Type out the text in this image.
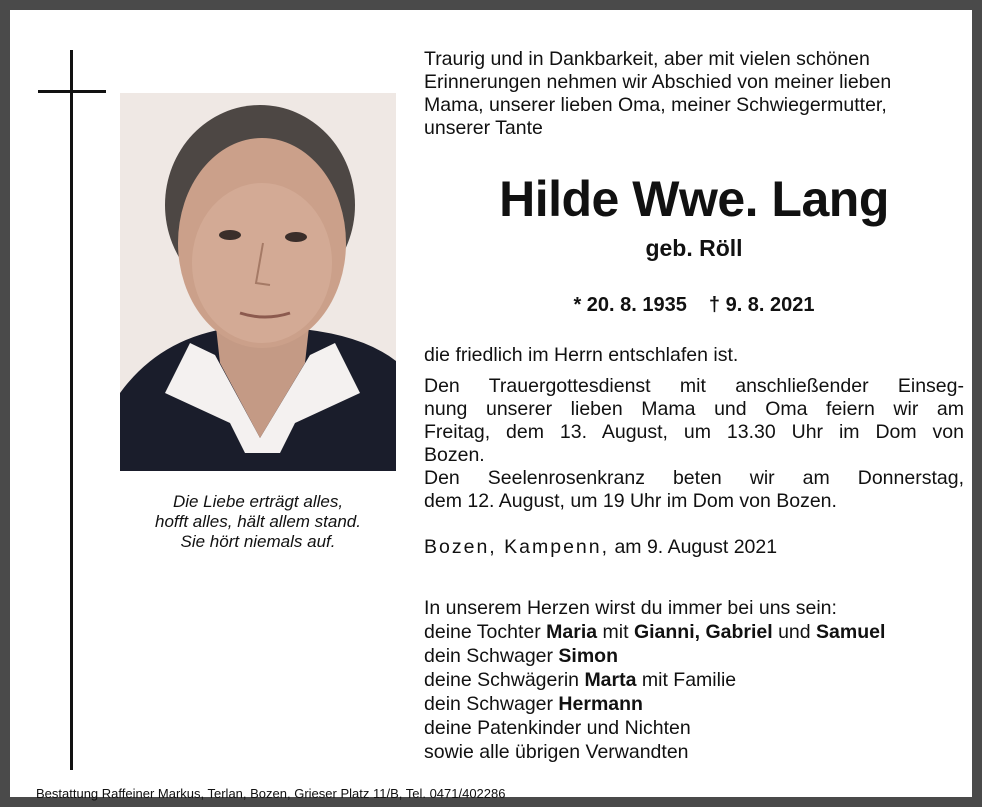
Die Liebe erträgt alles,
hofft alles, hält allem stand.
Sie hört niemals auf.
Traurig und in Dankbarkeit, aber mit vielen schönen
Erinnerungen nehmen wir Abschied von meiner lieben
Mama, unserer lieben Oma, meiner Schwiegermutter,
unserer Tante
Hilde Wwe. Lang
geb. Röll
* 20. 8. 1935 † 9. 8. 2021
die friedlich im Herrn entschlafen ist.
Den Trauergottesdienst mit anschließender Einseg-
nung unserer lieben Mama und Oma feiern wir am
Freitag, dem 13. August, um 13.30 Uhr im Dom von
Bozen.
Den Seelenrosenkranz beten wir am Donnerstag,
dem 12. August, um 19 Uhr im Dom von Bozen.
Bozen, Kampenn, am 9. August 2021
In unserem Herzen wirst du immer bei uns sein:
deine Tochter Maria mit Gianni, Gabriel und Samuel
dein Schwager Simon
deine Schwägerin Marta mit Familie
dein Schwager Hermann
deine Patenkinder und Nichten
sowie alle übrigen Verwandten
Bestattung Raffeiner Markus, Terlan, Bozen, Grieser Platz 11/B, Tel. 0471/402286
